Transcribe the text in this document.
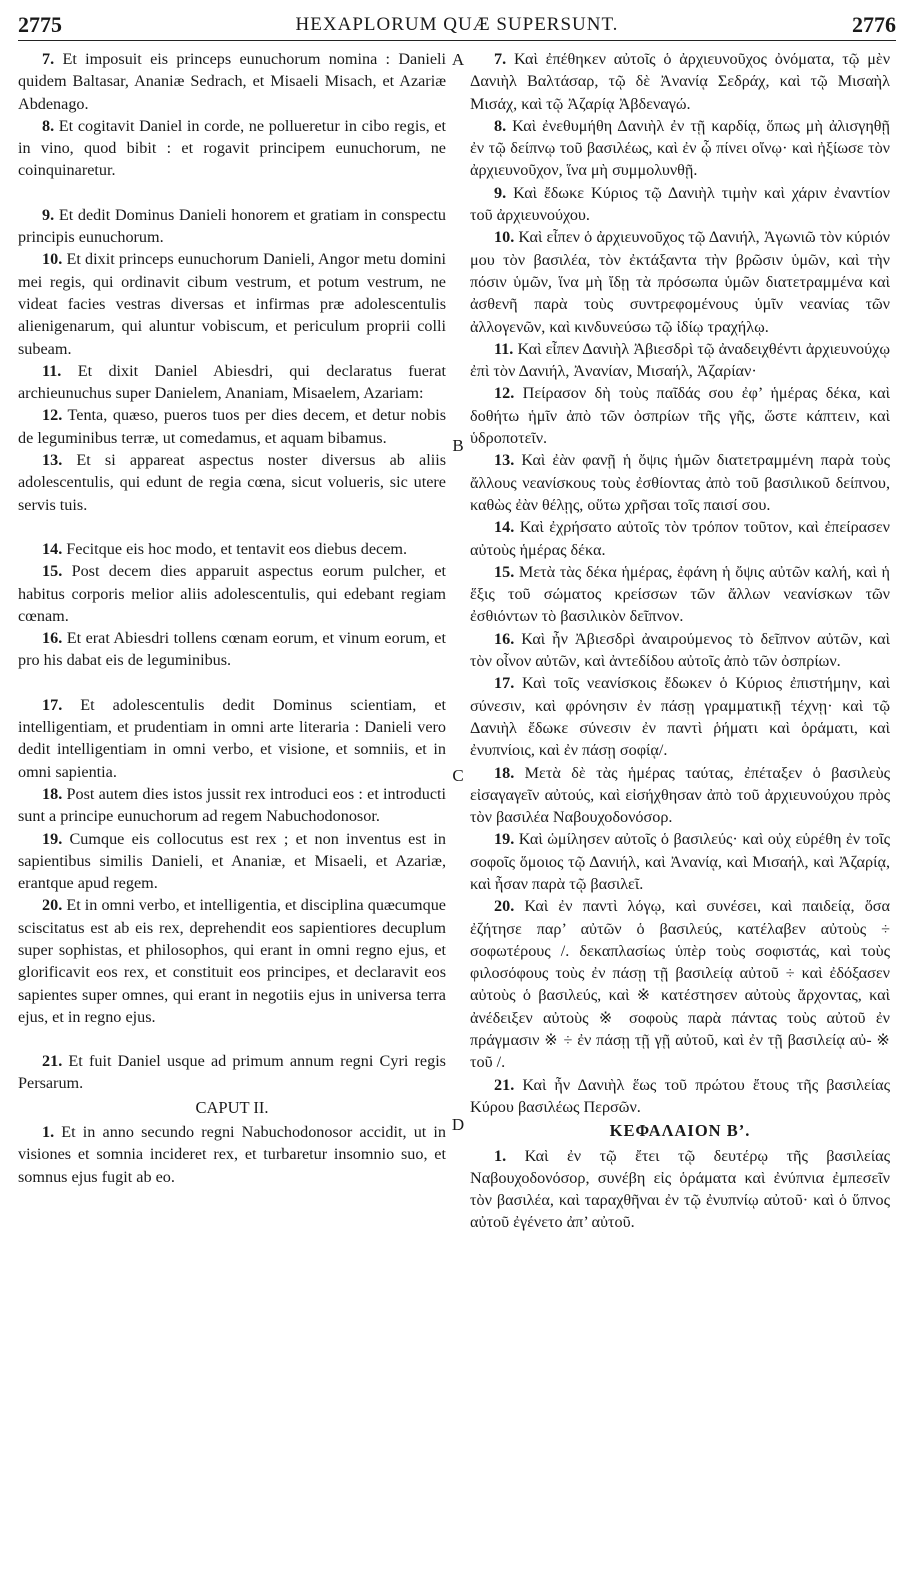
2775	HEXAPLORUM QUÆ SUPERSUNT.	2776
A
B
C
D

7. Et imposuit eis princeps eunuchorum nomina : Danieli quidem Baltasar, Ananiæ Sedrach, et Misaeli Misach, et Azariæ Abdenago.

8. Et cogitavit Daniel in corde, ne pollueretur in cibo regis, et in vino, quod bibit : et rogavit principem eunuchorum, ne coinquinaretur.

9. Et dedit Dominus Danieli honorem et gratiam in conspectu principis eunuchorum.

10. Et dixit princeps eunuchorum Danieli, Angor metu domini mei regis, qui ordinavit cibum vestrum, et potum vestrum, ne videat facies vestras diversas et infirmas præ adolescentulis alienigenarum, qui aluntur vobiscum, et periculum proprii colli subeam.

11. Et dixit Daniel Abiesdri, qui declaratus fuerat archieunuchus super Danielem, Ananiam, Misaelem, Azariam:

12. Tenta, quæso, pueros tuos per dies decem, et detur nobis de leguminibus terræ, ut comedamus, et aquam bibamus.

13. Et si appareat aspectus noster diversus ab aliis adolescentulis, qui edunt de regia cœna, sicut volueris, sic utere servis tuis.

14. Fecitque eis hoc modo, et tentavit eos diebus decem.

15. Post decem dies apparuit aspectus eorum pulcher, et habitus corporis melior aliis adolescentulis, qui edebant regiam cœnam.

16. Et erat Abiesdri tollens cœnam eorum, et vinum eorum, et pro his dabat eis de leguminibus.

17. Et adolescentulis dedit Dominus scientiam, et intelligentiam, et prudentiam in omni arte literaria : Danieli vero dedit intelligentiam in omni verbo, et visione, et somniis, et in omni sapientia.

18. Post autem dies istos jussit rex introduci eos : et introducti sunt a principe eunuchorum ad regem Nabuchodonosor.

19. Cumque eis collocutus est rex ; et non inventus est in sapientibus similis Danieli, et Ananiæ, et Misaeli, et Azariæ, erantque apud regem.

20. Et in omni verbo, et intelligentia, et disciplina quæcumque sciscitatus est ab eis rex, deprehendit eos sapientiores decuplum super sophistas, et philosophos, qui erant in omni regno ejus, et glorificavit eos rex, et constituit eos principes, et declaravit eos sapientes super omnes, qui erant in negotiis ejus in universa terra ejus, et in regno ejus.

21. Et fuit Daniel usque ad primum annum regni Cyri regis Persarum.

CAPUT II.

1. Et in anno secundo regni Nabuchodonosor accidit, ut in visiones et somnia incideret rex, et turbaretur insomnio suo, et somnus ejus fugit ab eo.

7. Καὶ ἐπέθηκεν αὐτοῖς ὁ ἀρχιευνοῦχος ὀνόματα, τῷ μὲν Δανιὴλ Βαλτάσαρ, τῷ δὲ Ἀνανίᾳ Σεδράχ, καὶ τῷ Μισαὴλ Μισάχ, καὶ τῷ Ἀζαρίᾳ Ἀβδεναγώ.

8. Καὶ ἐνεθυμήθη Δανιὴλ ἐν τῇ καρδίᾳ, ὅπως μὴ ἀλισγηθῇ ἐν τῷ δείπνῳ τοῦ βασιλέως, καὶ ἐν ᾧ πίνει οἴνῳ· καὶ ἠξίωσε τὸν ἀρχιευνοῦχον, ἵνα μὴ συμμολυνθῇ.

9. Καὶ ἔδωκε Κύριος τῷ Δανιὴλ τιμὴν καὶ χάριν ἐναντίον τοῦ ἀρχιευνούχου.

10. Καὶ εἶπεν ὁ ἀρχιευνοῦχος τῷ Δανιήλ, Ἀγωνιῶ τὸν κύριόν μου τὸν βασιλέα, τὸν ἐκτάξαντα τὴν βρῶσιν ὑμῶν, καὶ τὴν πόσιν ὑμῶν, ἵνα μὴ ἴδῃ τὰ πρόσωπα ὑμῶν διατετραμμένα καὶ ἀσθενῆ παρὰ τοὺς συντρεφομένους ὑμῖν νεανίας τῶν ἀλλογενῶν, καὶ κινδυνεύσω τῷ ἰδίῳ τραχήλῳ.

11. Καὶ εἶπεν Δανιὴλ Ἀβιεσδρὶ τῷ ἀναδειχθέντι ἀρχιευνούχῳ ἐπὶ τὸν Δανιήλ, Ἀνανίαν, Μισαήλ, Ἀζαρίαν·

12. Πείρασον δὴ τοὺς παῖδάς σου ἐφ’ ἡμέρας δέκα, καὶ δοθήτω ἡμῖν ἀπὸ τῶν ὀσπρίων τῆς γῆς, ὥστε κάπτειν, καὶ ὑδροποτεῖν.

13. Καὶ ἐὰν φανῇ ἡ ὄψις ἡμῶν διατετραμμένη παρὰ τοὺς ἄλλους νεανίσκους τοὺς ἐσθίοντας ἀπὸ τοῦ βασιλικοῦ δείπνου, καθὼς ἐὰν θέλῃς, οὕτω χρῆσαι τοῖς παισί σου.

14. Καὶ ἐχρήσατο αὐτοῖς τὸν τρόπον τοῦτον, καὶ ἐπείρασεν αὐτοὺς ἡμέρας δέκα.

15. Μετὰ τὰς δέκα ἡμέρας, ἐφάνη ἡ ὄψις αὐτῶν καλή, καὶ ἡ ἕξις τοῦ σώματος κρείσσων τῶν ἄλλων νεανίσκων τῶν ἐσθιόντων τὸ βασιλικὸν δεῖπνον.

16. Καὶ ἦν Ἀβιεσδρὶ ἀναιρούμενος τὸ δεῖπνον αὐτῶν, καὶ τὸν οἶνον αὐτῶν, καὶ ἀντεδίδου αὐτοῖς ἀπὸ τῶν ὀσπρίων.

17. Καὶ τοῖς νεανίσκοις ἔδωκεν ὁ Κύριος ἐπιστήμην, καὶ σύνεσιν, καὶ φρόνησιν ἐν πάσῃ γραμματικῇ τέχνῃ· καὶ τῷ Δανιὴλ ἔδωκε σύνεσιν ἐν παντὶ ῥήματι καὶ ὁράματι, καὶ ἐνυπνίοις, καὶ ἐν πάσῃ σοφίᾳ/.

18. Μετὰ δὲ τὰς ἡμέρας ταύτας, ἐπέταξεν ὁ βασιλεὺς εἰσαγαγεῖν αὐτούς, καὶ εἰσήχθησαν ἀπὸ τοῦ ἀρχιευνούχου πρὸς τὸν βασιλέα Ναβουχοδονόσορ.

19. Καὶ ὡμίλησεν αὐτοῖς ὁ βασιλεύς· καὶ οὐχ εὑρέθη ἐν τοῖς σοφοῖς ὅμοιος τῷ Δανιήλ, καὶ Ἀνανίᾳ, καὶ Μισαήλ, καὶ Ἀζαρίᾳ, καὶ ἦσαν παρὰ τῷ βασιλεῖ.

20. Καὶ ἐν παντὶ λόγῳ, καὶ συνέσει, καὶ παιδείᾳ, ὅσα ἐζήτησε παρ’ αὐτῶν ὁ βασιλεύς, κατέλαβεν αὐτοὺς ÷ σοφωτέρους /. δεκαπλασίως ὑπὲρ τοὺς σοφιστάς, καὶ τοὺς φιλοσόφους τοὺς ἐν πάσῃ τῇ βασιλείᾳ αὐτοῦ ÷ καὶ ἐδόξασεν αὐτοὺς ὁ βασιλεύς, καὶ ※ κατέστησεν αὐτοὺς ἄρχοντας, καὶ ἀνέδειξεν αὐτοὺς ※ σοφοὺς παρὰ πάντας τοὺς αὐτοῦ ἐν πράγμασιν ※ ÷ ἐν πάσῃ τῇ γῇ αὐτοῦ, καὶ ἐν τῇ βασιλείᾳ αὐ- ※ τοῦ /.

21. Καὶ ἦν Δανιὴλ ἕως τοῦ πρώτου ἔτους τῆς βασιλείας Κύρου βασιλέως Περσῶν.

ΚΕΦΑΛΑΙΟΝ Β’.

1. Καὶ ἐν τῷ ἔτει τῷ δευτέρῳ τῆς βασιλείας Ναβουχοδονόσορ, συνέβη εἰς ὁράματα καὶ ἐνύπνια ἐμπεσεῖν τὸν βασιλέα, καὶ ταραχθῆναι ἐν τῷ ἐνυπνίῳ αὐτοῦ· καὶ ὁ ὕπνος αὐτοῦ ἐγένετο ἀπ’ αὐτοῦ.
